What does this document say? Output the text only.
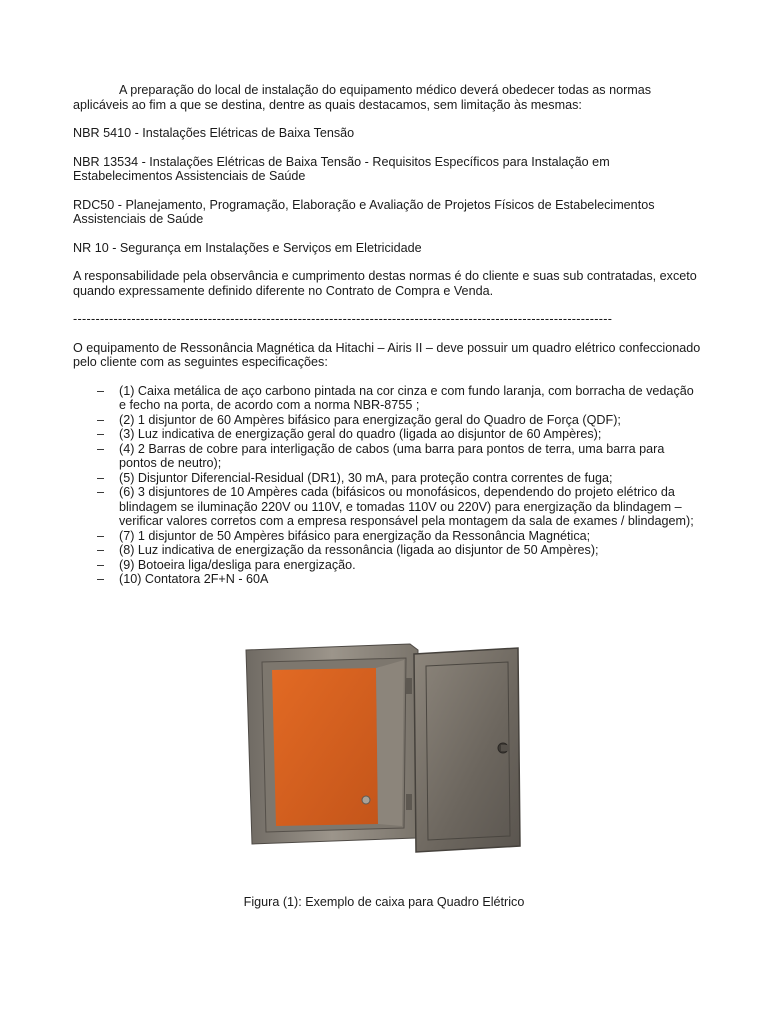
A preparação do local de instalação do equipamento médico deverá obedecer todas as normas aplicáveis ao fim a que se destina, dentre as quais destacamos, sem limitação às mesmas:

NBR 5410 - Instalações Elétricas de Baixa Tensão

NBR 13534 - Instalações Elétricas de Baixa Tensão - Requisitos Específicos para Instalação em Estabelecimentos Assistenciais de Saúde

RDC50 - Planejamento, Programação, Elaboração e Avaliação de Projetos Físicos de Estabelecimentos Assistenciais de Saúde

NR 10 - Segurança em Instalações e Serviços em Eletricidade

A responsabilidade pela observância e cumprimento destas normas é do cliente e suas sub contratadas, exceto quando expressamente definido diferente no Contrato de Compra e Venda.

------------------------------------------------------------------------------------------------------------------------

O equipamento de Ressonância Magnética da Hitachi – Airis II – deve possuir um quadro elétrico confeccionado pelo cliente com as seguintes especificações:

– (1) Caixa metálica de aço carbono pintada na cor cinza e com fundo laranja, com borracha de vedação e fecho na porta, de acordo com a norma NBR-8755 ;
– (2) 1 disjuntor de 60 Ampères bifásico para energização geral do Quadro de Força (QDF);
– (3) Luz indicativa de energização geral do quadro (ligada ao disjuntor de 60 Ampères);
– (4) 2 Barras de cobre para interligação de cabos (uma barra para pontos de terra, uma barra para pontos de neutro);
– (5) Disjuntor Diferencial-Residual (DR1), 30 mA, para proteção contra correntes de fuga;
– (6) 3 disjuntores de 10 Ampères cada (bifásicos ou monofásicos, dependendo do projeto elétrico da blindagem se iluminação 220V ou 110V, e tomadas 110V ou 220V) para energização da blindagem – verificar valores corretos com a empresa responsável pela montagem da sala de exames / blindagem);
– (7) 1 disjuntor de 50 Ampères bifásico para energização da Ressonância Magnética;
– (8) Luz indicativa de energização da ressonância (ligada ao disjuntor de 50 Ampères);
– (9) Botoeira liga/desliga para energização.
– (10) Contatora 2F+N - 60A
Figura (1): Exemplo de caixa para Quadro Elétrico
